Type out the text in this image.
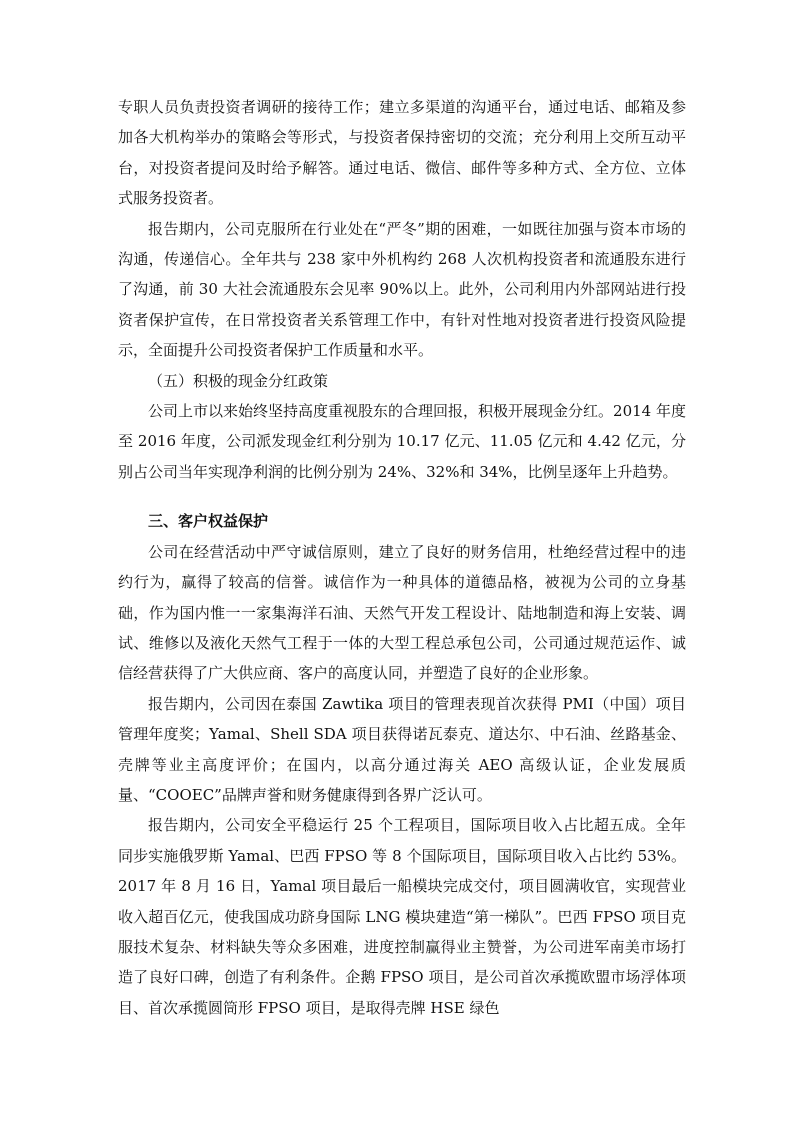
专职人员负责投资者调研的接待工作；建立多渠道的沟通平台，通过电话、邮箱及参加各大机构举办的策略会等形式，与投资者保持密切的交流；充分利用上交所互动平台，对投资者提问及时给予解答。通过电话、微信、邮件等多种方式、全方位、立体式服务投资者。

报告期内，公司克服所在行业处在“严冬”期的困难，一如既往加强与资本市场的沟通，传递信心。全年共与 238 家中外机构约 268 人次机构投资者和流通股东进行了沟通，前 30 大社会流通股东会见率 90%以上。此外，公司利用内外部网站进行投资者保护宣传，在日常投资者关系管理工作中，有针对性地对投资者进行投资风险提示，全面提升公司投资者保护工作质量和水平。

（五）积极的现金分红政策

公司上市以来始终坚持高度重视股东的合理回报，积极开展现金分红。2014 年度至 2016 年度，公司派发现金红利分别为 10.17 亿元、11.05 亿元和 4.42 亿元，分别占公司当年实现净利润的比例分别为 24%、32%和 34%，比例呈逐年上升趋势。

三、客户权益保护

公司在经营活动中严守诚信原则，建立了良好的财务信用，杜绝经营过程中的违约行为，赢得了较高的信誉。诚信作为一种具体的道德品格，被视为公司的立身基础，作为国内惟一一家集海洋石油、天然气开发工程设计、陆地制造和海上安装、调试、维修以及液化天然气工程于一体的大型工程总承包公司，公司通过规范运作、诚信经营获得了广大供应商、客户的高度认同，并塑造了良好的企业形象。

报告期内，公司因在泰国 Zawtika 项目的管理表现首次获得 PMI（中国）项目管理年度奖；Yamal、Shell SDA 项目获得诺瓦泰克、道达尔、中石油、丝路基金、壳牌等业主高度评价；在国内，以高分通过海关 AEO 高级认证，企业发展质量、“COOEC”品牌声誉和财务健康得到各界广泛认可。

报告期内，公司安全平稳运行 25 个工程项目，国际项目收入占比超五成。全年同步实施俄罗斯 Yamal、巴西 FPSO 等 8 个国际项目，国际项目收入占比约 53%。2017 年 8 月 16 日，Yamal 项目最后一船模块完成交付，项目圆满收官，实现营业收入超百亿元，使我国成功跻身国际 LNG 模块建造“第一梯队”。巴西 FPSO 项目克服技术复杂、材料缺失等众多困难，进度控制赢得业主赞誉，为公司进军南美市场打造了良好口碑，创造了有利条件。企鹅 FPSO 项目，是公司首次承揽欧盟市场浮体项目、首次承揽圆筒形 FPSO 项目，是取得壳牌 HSE 绿色
